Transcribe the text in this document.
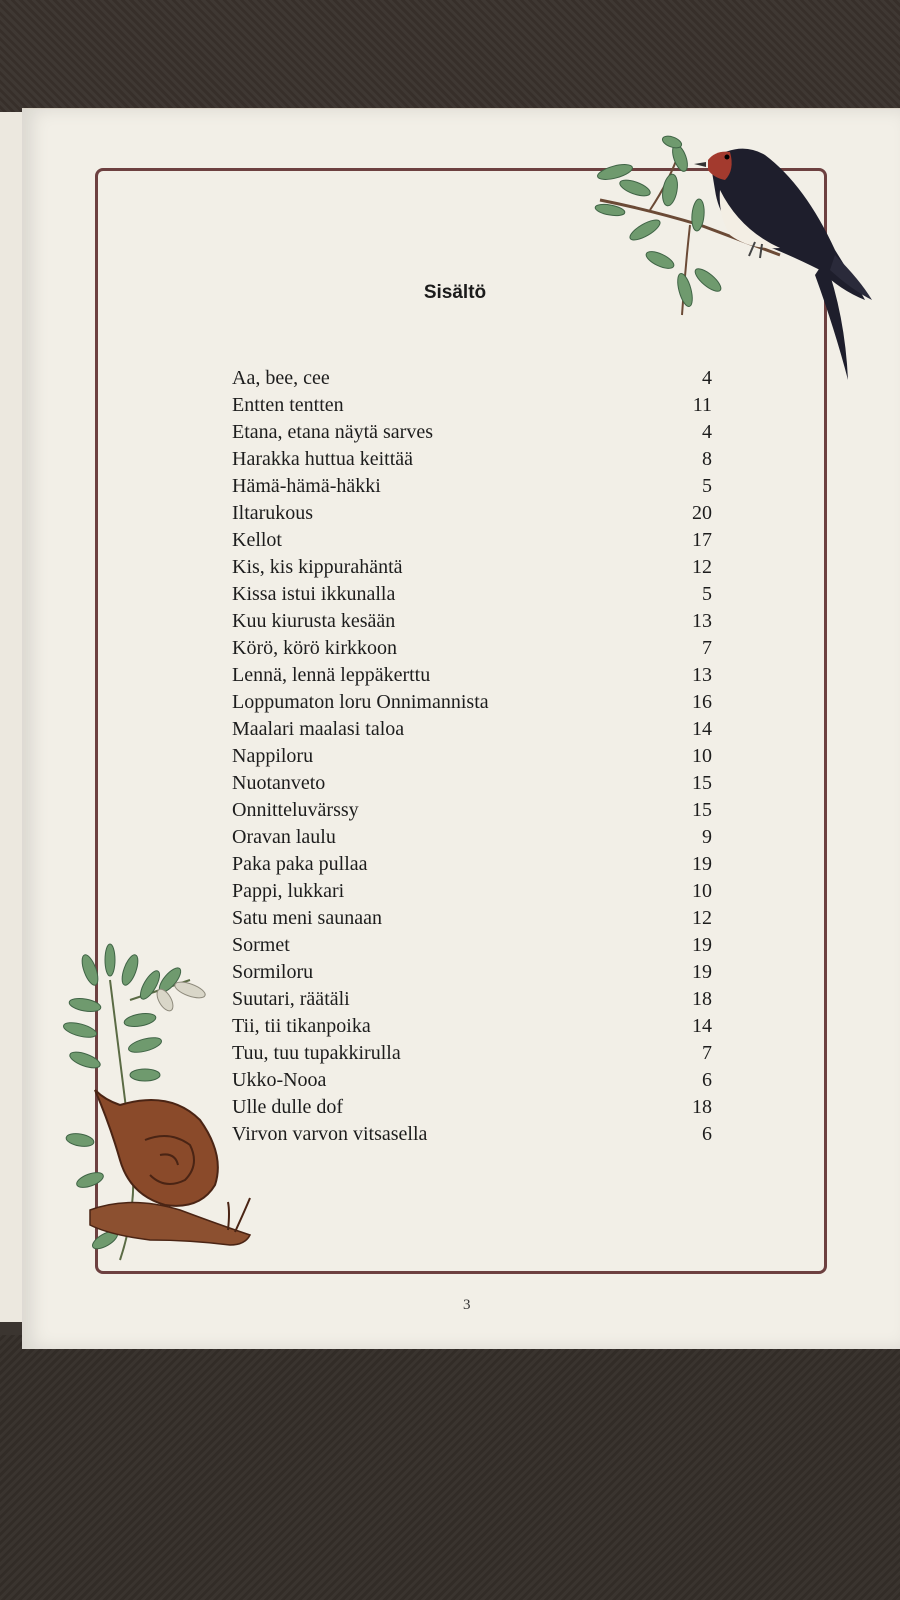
Sisältö
Aa, bee, cee	4
Entten tentten	11
Etana, etana näytä sarves	4
Harakka huttua keittää	8
Hämä-hämä-häkki	5
Iltarukous	20
Kellot	17
Kis, kis kippurahäntä	12
Kissa istui ikkunalla	5
Kuu kiurusta kesään	13
Körö, körö kirkkoon	7
Lennä, lennä leppäkerttu	13
Loppumaton loru Onnimannista	16
Maalari maalasi taloa	14
Nappiloru	10
Nuotanveto	15
Onnitteluvärssy	15
Oravan laulu	9
Paka paka pullaa	19
Pappi, lukkari	10
Satu meni saunaan	12
Sormet	19
Sormiloru	19
Suutari, räätäli	18
Tii, tii tikanpoika	14
Tuu, tuu tupakkirulla	7
Ukko-Nooa	6
Ulle dulle dof	18
Virvon varvon vitsasella	6
3
